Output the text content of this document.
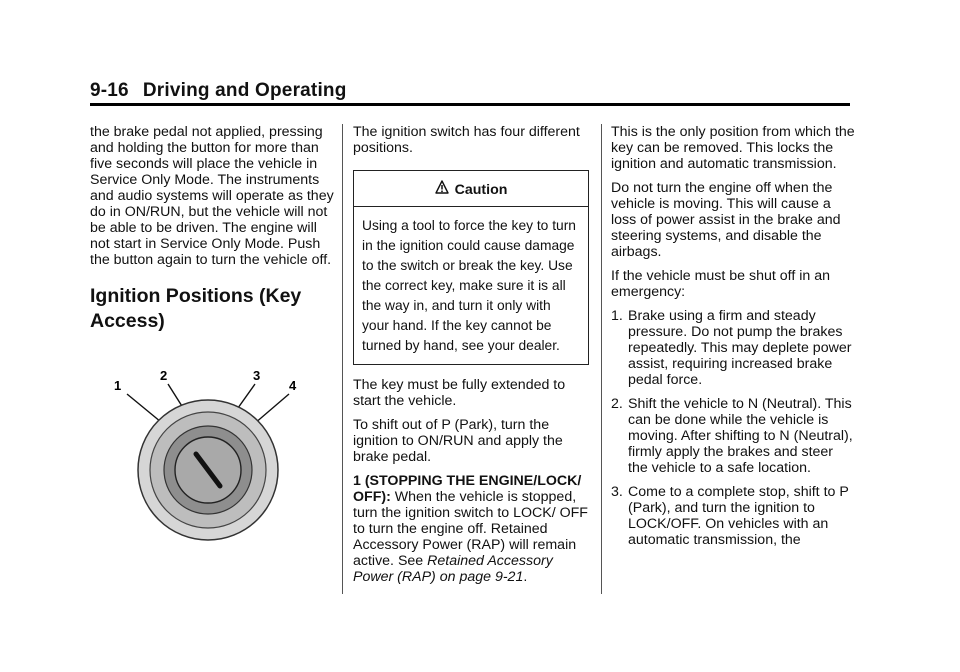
9-16 Driving and Operating

the brake pedal not applied, pressing and holding the button for more than five seconds will place the vehicle in Service Only Mode. The instruments and audio systems will operate as they do in ON/RUN, but the vehicle will not be able to be driven. The engine will not start in Service Only Mode. Push the button again to turn the vehicle off.

Ignition Positions (Key Access)
1
2	3
4

The ignition switch has four different positions.

Caution
Using a tool to force the key to turn in the ignition could cause damage to the switch or break the key. Use the correct key, make sure it is all the way in, and turn it only with your hand. If the key cannot be turned by hand, see your dealer.

The key must be fully extended to start the vehicle.

To shift out of P (Park), turn the ignition to ON/RUN and apply the brake pedal.

1 (STOPPING THE ENGINE/LOCK/ OFF): When the vehicle is stopped, turn the ignition switch to LOCK/ OFF to turn the engine off. Retained Accessory Power (RAP) will remain active. See Retained Accessory Power (RAP) on page 9-21.

This is the only position from which the key can be removed. This locks the ignition and automatic transmission.

Do not turn the engine off when the vehicle is moving. This will cause a loss of power assist in the brake and steering systems, and disable the airbags.

If the vehicle must be shut off in an emergency:

1. Brake using a firm and steady pressure. Do not pump the brakes repeatedly. This may deplete power assist, requiring increased brake pedal force.
2. Shift the vehicle to N (Neutral). This can be done while the vehicle is moving. After shifting to N (Neutral), firmly apply the brakes and steer the vehicle to a safe location.
3. Come to a complete stop, shift to P (Park), and turn the ignition to LOCK/OFF. On vehicles with an automatic transmission, the
